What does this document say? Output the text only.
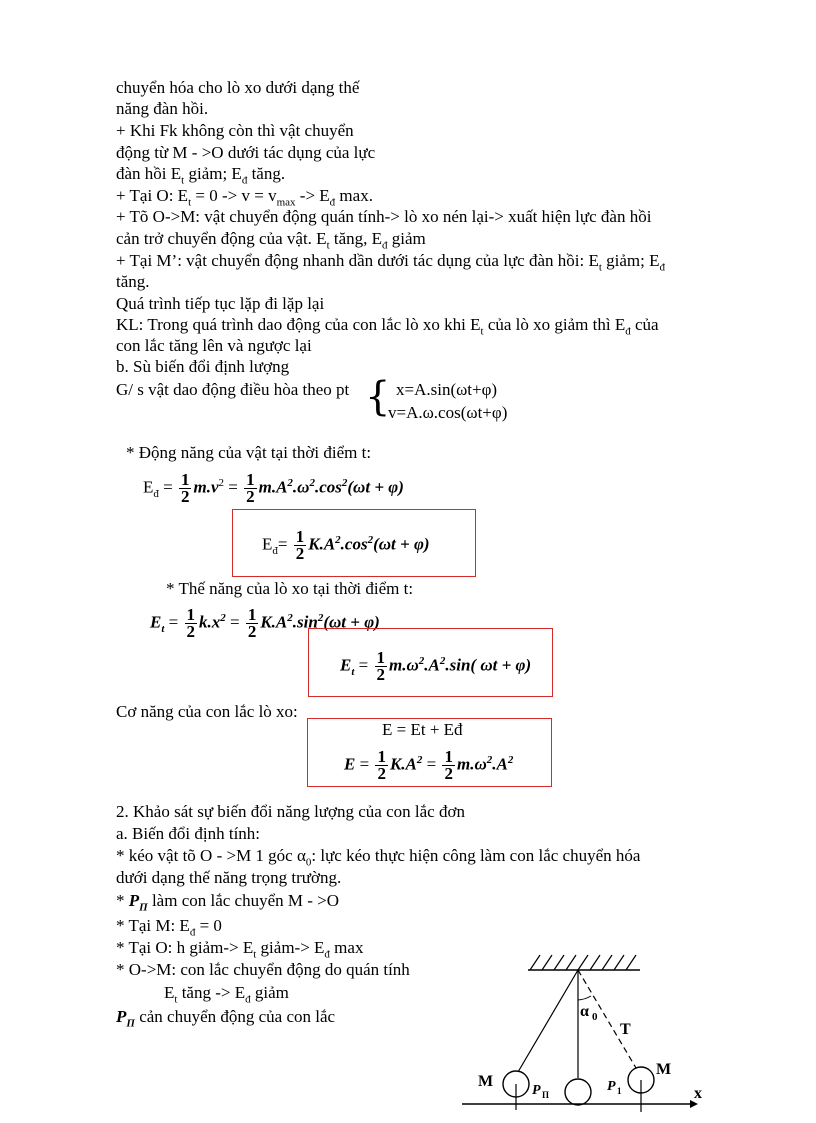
chuyển hóa cho lò xo dưới dạng thế
năng đàn hồi.
+ Khi Fk không còn thì vật chuyển
động từ M - >O dưới tác dụng của lực
đàn hồi $E_t$ giảm; $E_đ$ tăng.
+ Tại O: $E_t = 0 -> v = v_{max} -> E_đ$ max.
+ Tõ O->M: vật chuyển động quán tính-> lò xo nén lại-> xuất hiện lực đàn hồi
cản trở chuyển động của vật. $E_t$ tăng, $E_đ$ giảm
+ Tại M’: vật chuyển động nhanh dần dưới tác dụng của lực đàn hồi: $E_t$ giảm; $E_đ$
tăng.
Quá trình tiếp tục lặp đi lặp lại
KL: Trong quá trình dao động của con lắc lò xo khi $E_t$ của lò xo giảm thì $E_đ$ của
con lắc tăng lên và ngược lại
b. Sù biến đổi định lượng
G/ s vật dao động điều hòa theo pt { x=A.sin(ωt+φ)
v=A.ω.cos(ωt+φ)
* Động năng của vật tại thời điểm t:
$E_đ = \frac{1}{2} m.v^2 = \frac{1}{2} m.A^2.\omega^2.\cos^2(\omega t + \varphi)$
$E_đ= \frac{1}{2} K.A^2.\cos^2(\omega t + \varphi)$
* Thế năng của lò xo tại thời điểm t:
$E_t = \frac{1}{2} k.x^2 = \frac{1}{2} K.A^2.\sin^2(\omega t + \varphi)$
$E_t = \frac{1}{2} m.\omega^2.A^2.\sin$( ωt + φ)
Cơ năng của con lắc lò xo:
E = Et + Eđ
$E = \frac{1}{2} K.A^2 = \frac{1}{2} m.\omega^2.A^2$
2. Khảo sát sự biến đổi năng lượng của con lắc đơn
a. Biến đổi định tính:
* kéo vật tõ O - >M 1 góc $\alpha_0$: lực kéo thực hiện công làm con lắc chuyển hóa
dưới dạng thế năng trọng trường.
* $P_\Pi$ làm con lắc chuyển M - >O
* Tại M: $E_đ = 0$
* Tại O: h giảm-> $E_t$ giảm-> $E_đ$ max
* O->M: con lắc chuyển động do quán tính
$E_t$ tăng -> $E_đ$ giảm
$P_\Pi$ cản chuyển động của con lắc	α 0
T
M
M
P Π
P 1	x
